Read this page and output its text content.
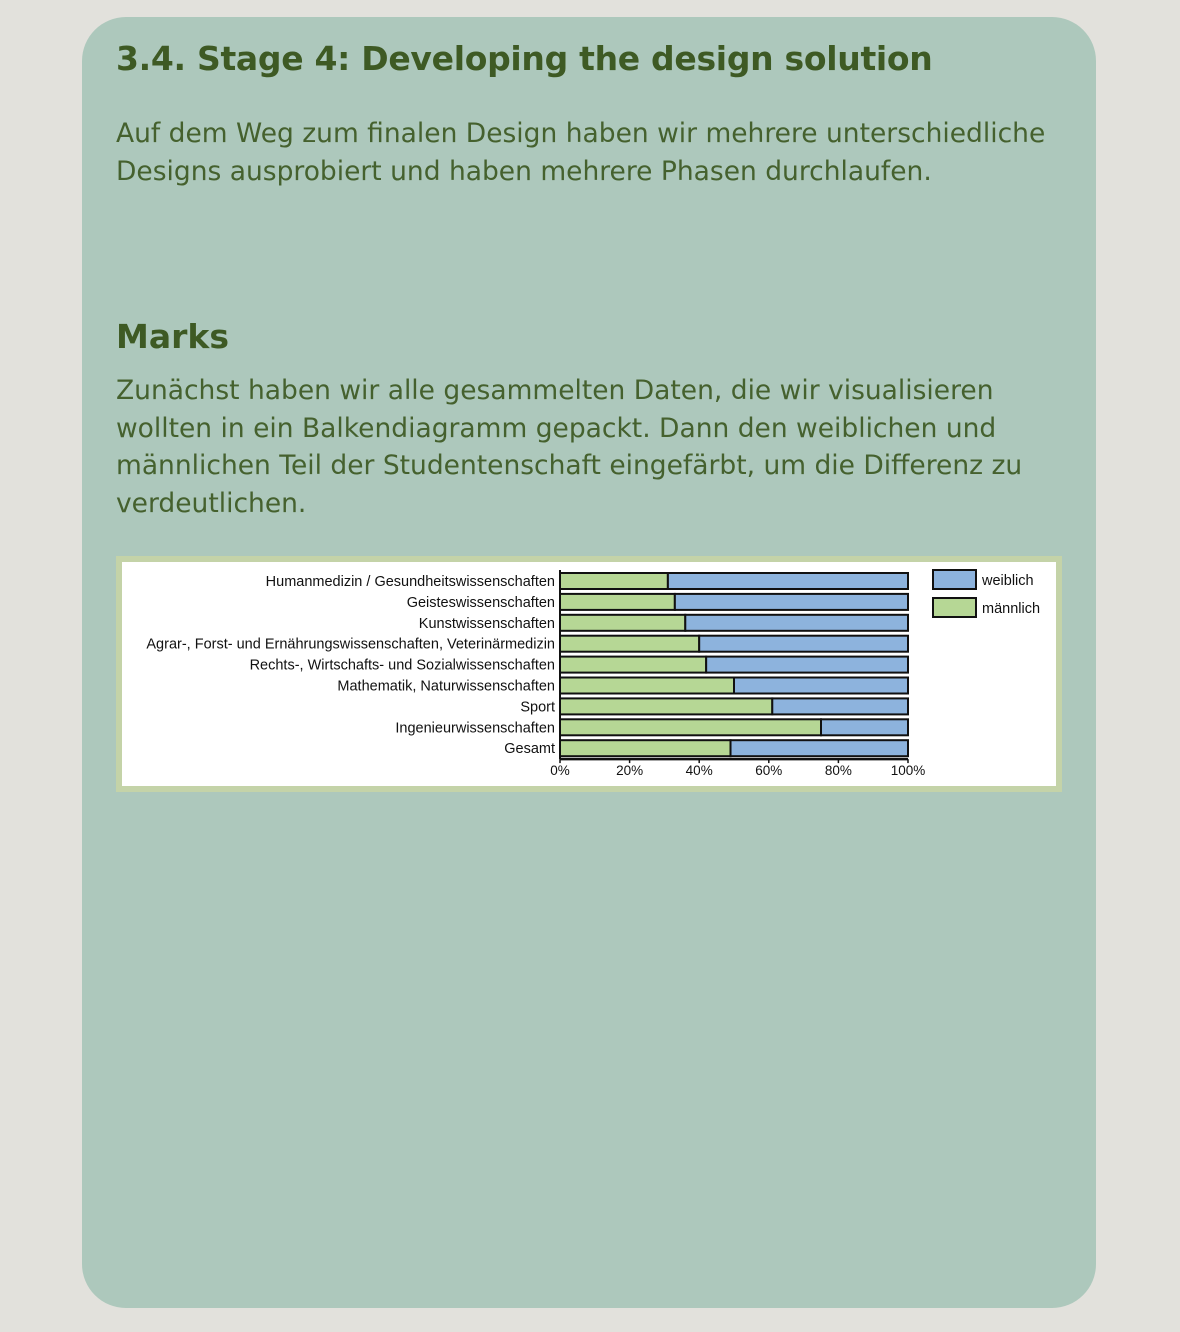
3.4. Stage 4: Developing the design solution

Auf dem Weg zum finalen Design haben wir mehrere unterschiedliche Designs ausprobiert und haben mehrere Phasen durchlaufen.

Marks

Zunächst haben wir alle gesammelten Daten, die wir visualisieren wollten in ein Balkendiagramm gepackt. Dann den weiblichen und männlichen Teil der Studentenschaft eingefärbt, um die Differenz zu verdeutlichen.

Humanmedizin / Gesundheitswissenschaften
Geisteswissenschaften
Kunstwissenschaften
Agrar-, Forst- und Ernährungswissenschaften, Veterinärmedizin
Rechts-, Wirtschafts- und Sozialwissenschaften
Mathematik, Naturwissenschaften
Sport
Ingenieurwissenschaften
Gesamt
0%	20%	40%	60%	80%	100%
weiblich
männlich
